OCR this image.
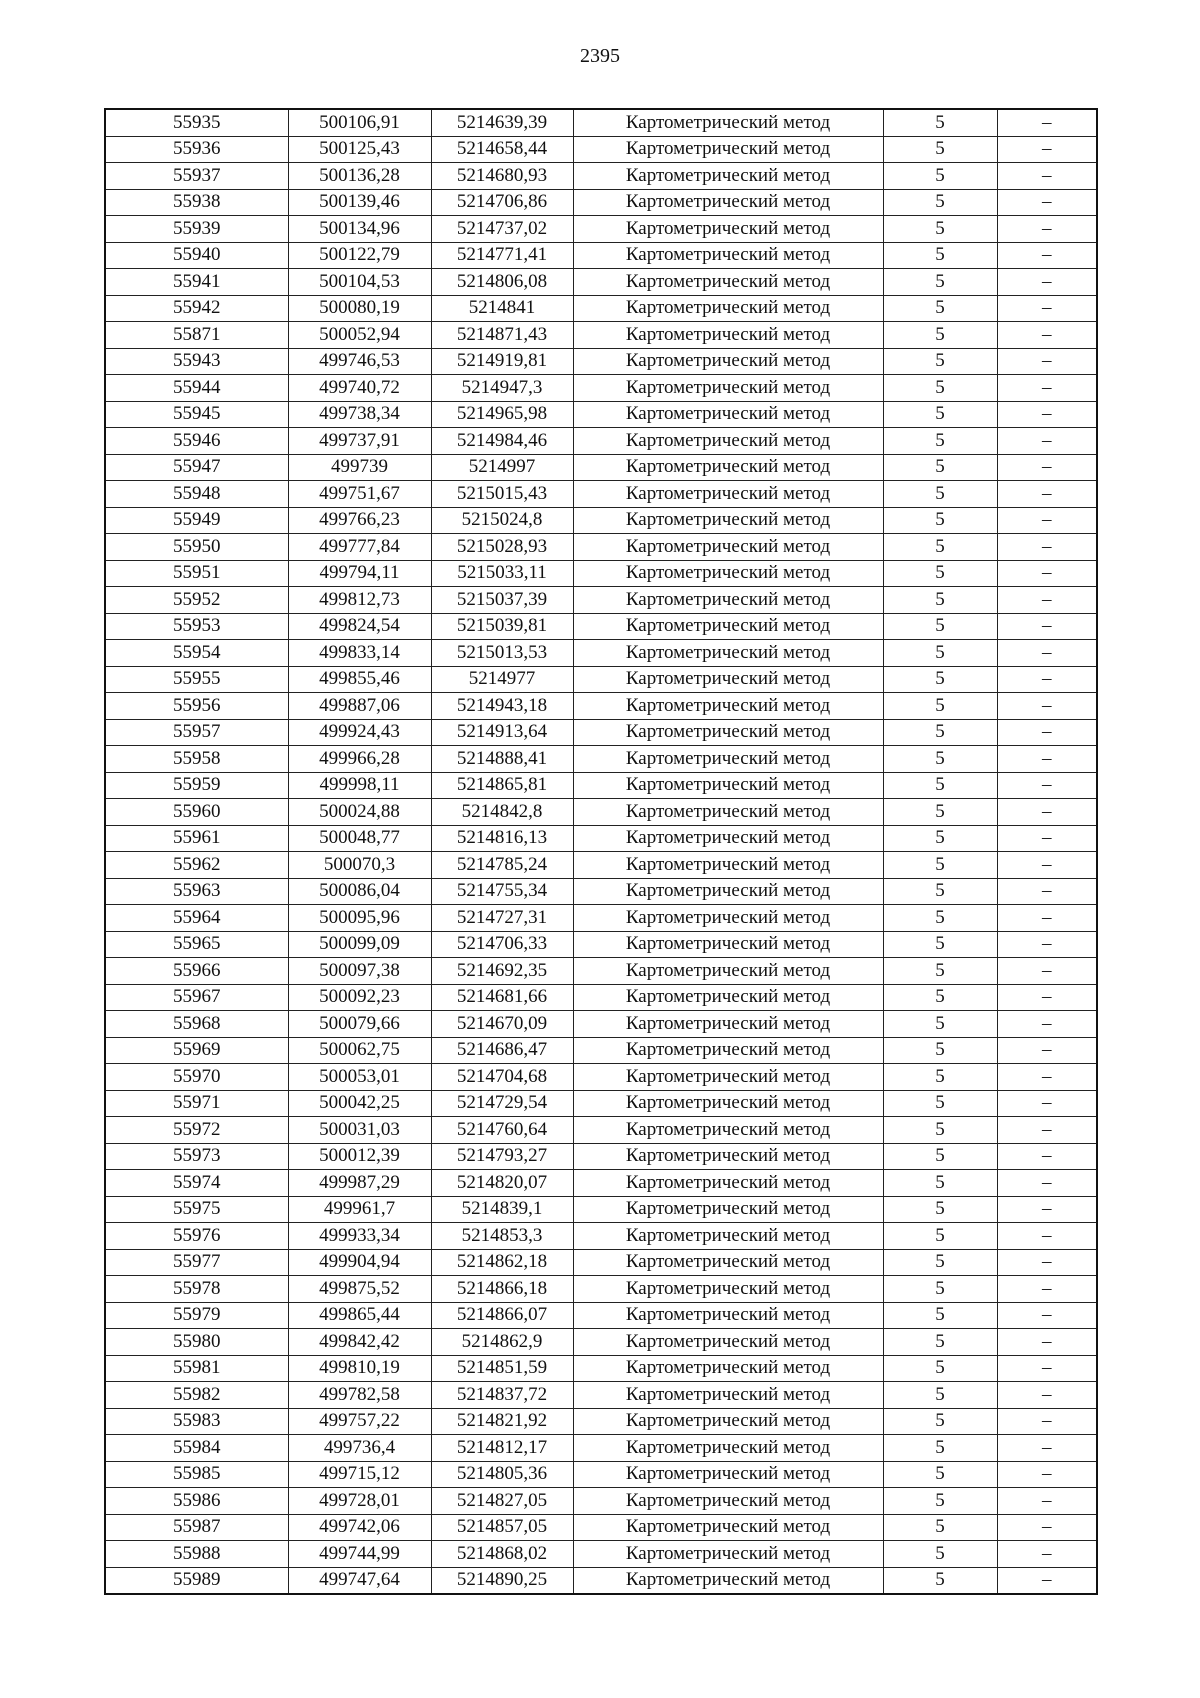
2395
55935	500106,91	5214639,39	Картометрический метод	5	–
55936	500125,43	5214658,44	Картометрический метод	5	–
55937	500136,28	5214680,93	Картометрический метод	5	–
55938	500139,46	5214706,86	Картометрический метод	5	–
55939	500134,96	5214737,02	Картометрический метод	5	–
55940	500122,79	5214771,41	Картометрический метод	5	–
55941	500104,53	5214806,08	Картометрический метод	5	–
55942	500080,19	5214841	Картометрический метод	5	–
55871	500052,94	5214871,43	Картометрический метод	5	–
55943	499746,53	5214919,81	Картометрический метод	5	–
55944	499740,72	5214947,3	Картометрический метод	5	–
55945	499738,34	5214965,98	Картометрический метод	5	–
55946	499737,91	5214984,46	Картометрический метод	5	–
55947	499739	5214997	Картометрический метод	5	–
55948	499751,67	5215015,43	Картометрический метод	5	–
55949	499766,23	5215024,8	Картометрический метод	5	–
55950	499777,84	5215028,93	Картометрический метод	5	–
55951	499794,11	5215033,11	Картометрический метод	5	–
55952	499812,73	5215037,39	Картометрический метод	5	–
55953	499824,54	5215039,81	Картометрический метод	5	–
55954	499833,14	5215013,53	Картометрический метод	5	–
55955	499855,46	5214977	Картометрический метод	5	–
55956	499887,06	5214943,18	Картометрический метод	5	–
55957	499924,43	5214913,64	Картометрический метод	5	–
55958	499966,28	5214888,41	Картометрический метод	5	–
55959	499998,11	5214865,81	Картометрический метод	5	–
55960	500024,88	5214842,8	Картометрический метод	5	–
55961	500048,77	5214816,13	Картометрический метод	5	–
55962	500070,3	5214785,24	Картометрический метод	5	–
55963	500086,04	5214755,34	Картометрический метод	5	–
55964	500095,96	5214727,31	Картометрический метод	5	–
55965	500099,09	5214706,33	Картометрический метод	5	–
55966	500097,38	5214692,35	Картометрический метод	5	–
55967	500092,23	5214681,66	Картометрический метод	5	–
55968	500079,66	5214670,09	Картометрический метод	5	–
55969	500062,75	5214686,47	Картометрический метод	5	–
55970	500053,01	5214704,68	Картометрический метод	5	–
55971	500042,25	5214729,54	Картометрический метод	5	–
55972	500031,03	5214760,64	Картометрический метод	5	–
55973	500012,39	5214793,27	Картометрический метод	5	–
55974	499987,29	5214820,07	Картометрический метод	5	–
55975	499961,7	5214839,1	Картометрический метод	5	–
55976	499933,34	5214853,3	Картометрический метод	5	–
55977	499904,94	5214862,18	Картометрический метод	5	–
55978	499875,52	5214866,18	Картометрический метод	5	–
55979	499865,44	5214866,07	Картометрический метод	5	–
55980	499842,42	5214862,9	Картометрический метод	5	–
55981	499810,19	5214851,59	Картометрический метод	5	–
55982	499782,58	5214837,72	Картометрический метод	5	–
55983	499757,22	5214821,92	Картометрический метод	5	–
55984	499736,4	5214812,17	Картометрический метод	5	–
55985	499715,12	5214805,36	Картометрический метод	5	–
55986	499728,01	5214827,05	Картометрический метод	5	–
55987	499742,06	5214857,05	Картометрический метод	5	–
55988	499744,99	5214868,02	Картометрический метод	5	–
55989	499747,64	5214890,25	Картометрический метод	5	–
